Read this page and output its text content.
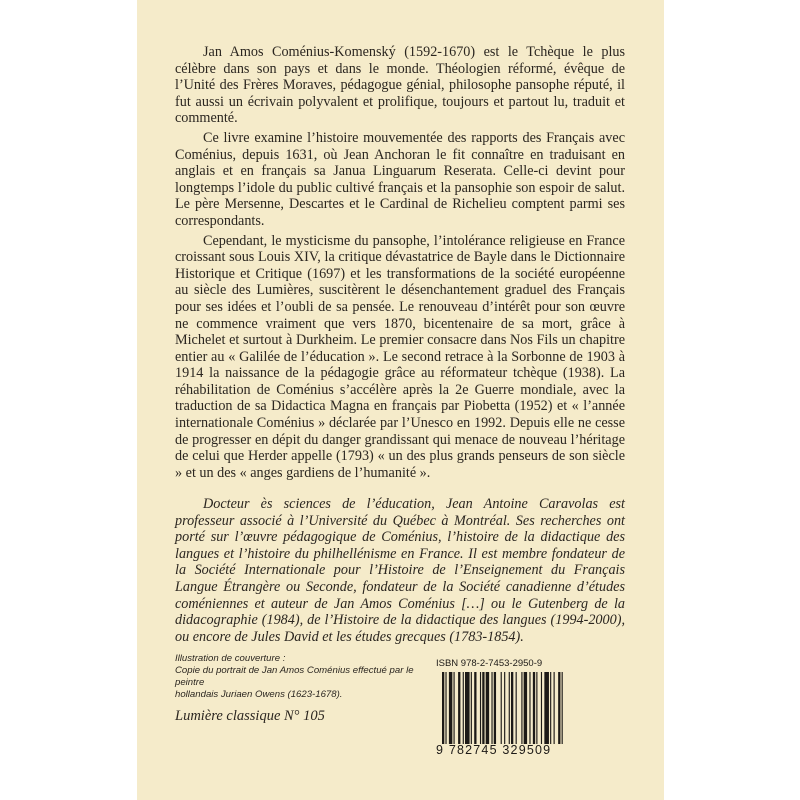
Jan Amos Coménius-Komenský (1592-1670) est le Tchèque le plus célèbre dans son pays et dans le monde. Théologien réformé, évêque de l’Unité des Frères Moraves, pédagogue génial, philosophe pansophe réputé, il fut aussi un écrivain polyvalent et prolifique, toujours et partout lu, traduit et commenté.

Ce livre examine l’histoire mouvementée des rapports des Français avec Coménius, depuis 1631, où Jean Anchoran le fit connaître en traduisant en anglais et en français sa Janua Linguarum Reserata. Celle-ci devint pour longtemps l’idole du public cultivé français et la pansophie son espoir de salut. Le père Mersenne, Descartes et le Cardinal de Richelieu comptent parmi ses correspondants.

Cependant, le mysticisme du pansophe, l’intolérance religieuse en France croissant sous Louis XIV, la critique dévastatrice de Bayle dans le Dictionnaire Historique et Critique (1697) et les transformations de la société européenne au siècle des Lumières, suscitèrent le désenchantement graduel des Français pour ses idées et l’oubli de sa pensée. Le renouveau d’intérêt pour son œuvre ne commence vraiment que vers 1870, bicentenaire de sa mort, grâce à Michelet et surtout à Durkheim. Le premier consacre dans Nos Fils un chapitre entier au « Galilée de l’éducation ». Le second retrace à la Sorbonne de 1903 à 1914 la naissance de la pédagogie grâce au réformateur tchèque (1938). La réhabilitation de Coménius s’accélère après la 2e Guerre mondiale, avec la traduction de sa Didactica Magna en français par Piobetta (1952) et « l’année internationale Coménius » déclarée par l’Unesco en 1992. Depuis elle ne cesse de progresser en dépit du danger grandissant qui menace de nouveau l’héritage de celui que Herder appelle (1793) « un des plus grands penseurs de son siècle » et un des « anges gardiens de l’humanité ».

Docteur ès sciences de l’éducation, Jean Antoine Caravolas est professeur associé à l’Université du Québec à Montréal. Ses recherches ont porté sur l’œuvre pédagogique de Coménius, l’histoire de la didactique des langues et l’histoire du philhellénisme en France. Il est membre fondateur de la Société Internationale pour l’Histoire de l’Enseignement du Français Langue Étrangère ou Seconde, fondateur de la Société canadienne d’études coméniennes et auteur de Jan Amos Coménius […] ou le Gutenberg de la didacographie (1984), de l’Histoire de la didactique des langues (1994-2000), ou encore de Jules David et les études grecques (1783-1854).

Illustration de couverture :
Copie du portrait de Jan Amos Coménius effectué par le peintre
hollandais Juriaen Owens (1623-1678).
Lumière classique N° 105
ISBN 978-2-7453-2950-9
9 782745 329509
